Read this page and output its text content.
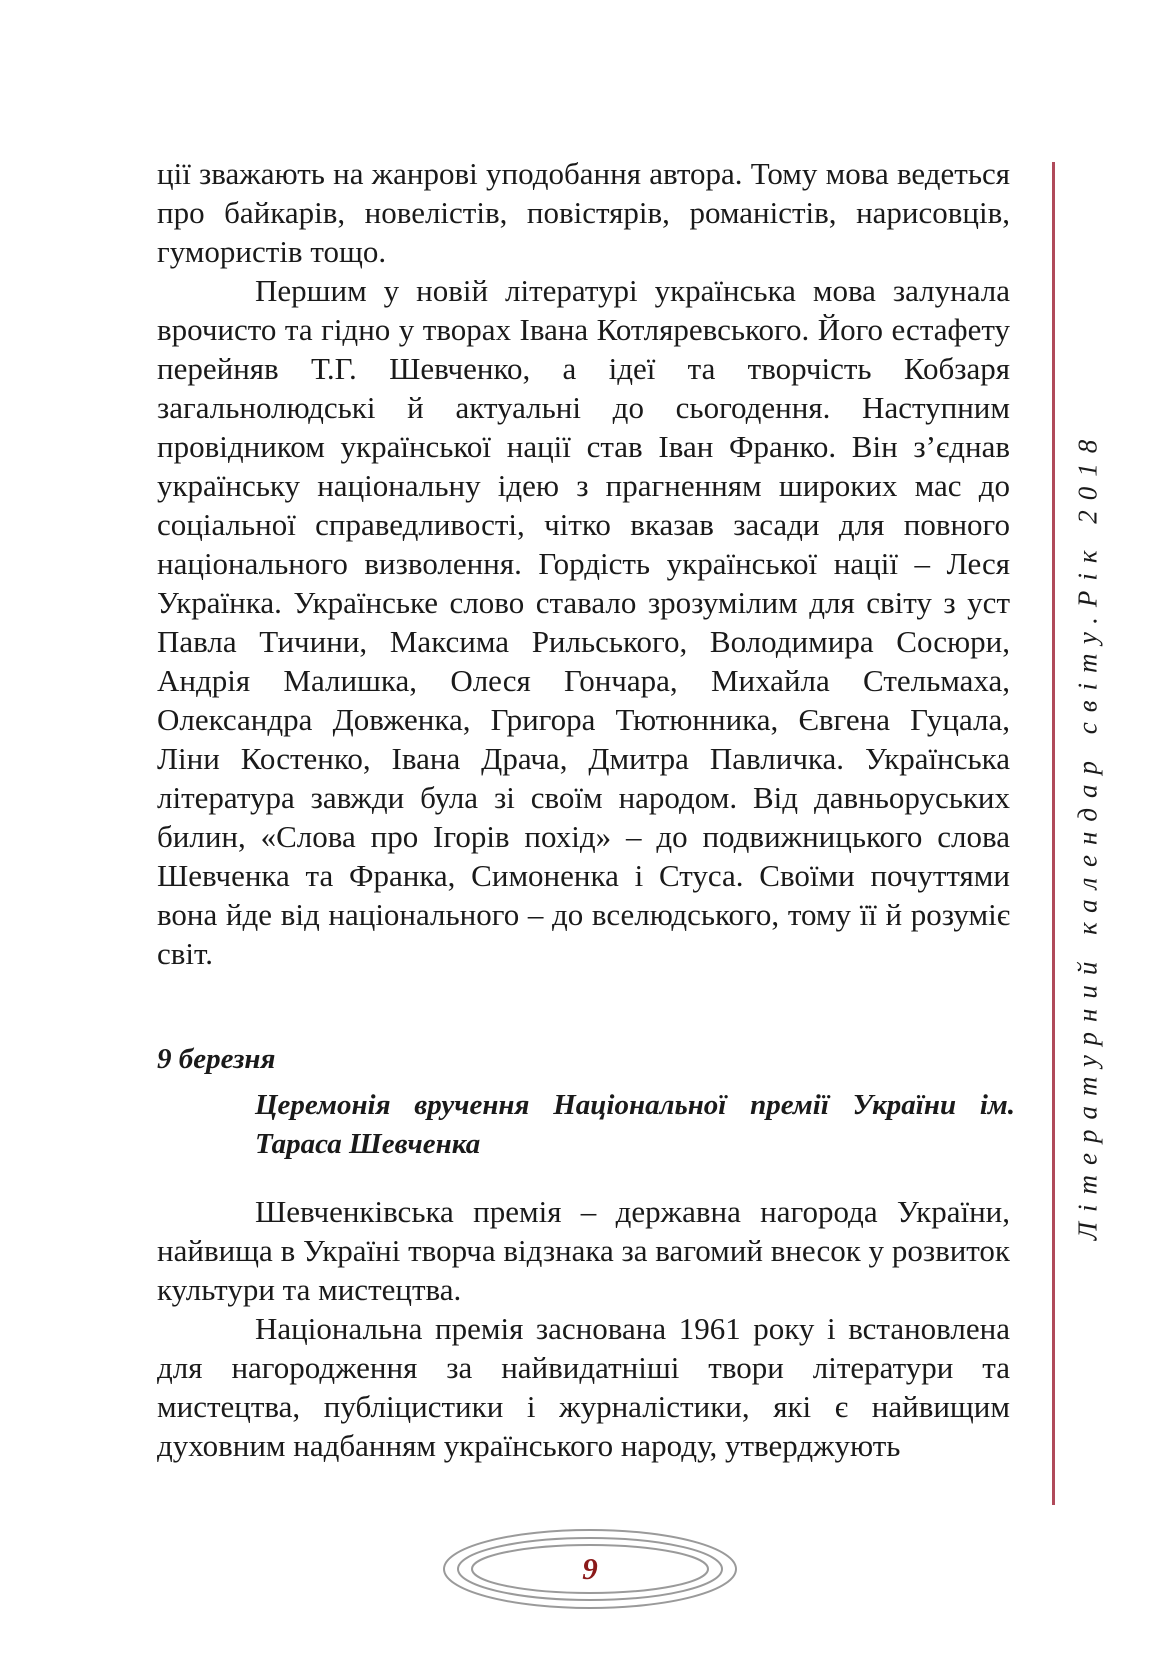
Літературний календар світу.Рік 2018

ції зважають на жанрові уподобання автора. Тому мова ведеться про байкарів, новелістів, повістярів, романістів, нарисовців, гумористів тощо.

Першим у новій літературі українська мова залунала врочисто та гідно у творах Івана Котляревського. Його естафету перейняв Т.Г. Шевченко, а ідеї та творчість Кобзаря загальнолюдські й актуальні до сьогодення. Наступним провідником української нації став Іван Франко. Він з’єднав українську національну ідею з прагненням широких мас до соціальної справедливості, чітко вказав засади для повного національного визволення. Гордість української нації – Леся Українка. Українське слово ставало зрозумілим для світу з уст Павла Тичини, Максима Рильського, Володимира Сосюри, Андрія Малишка, Олеся Гончара, Михайла Стельмаха, Олександра Довженка, Григора Тютюнника, Євгена Гуцала, Ліни Костенко, Івана Драча, Дмитра Павличка. Українська література завжди була зі своїм народом. Від давньоруських билин, «Слова про Ігорів похід» – до подвижницького слова Шевченка та Франка, Симоненка і Стуса. Своїми почуттями вона йде від національного – до вселюдського, тому її й розуміє світ.

9 березня

Церемонія вручення Національної премії України ім. Тараса Шевченка

Шевченківська премія – державна нагорода України, найвища в Україні творча відзнака за вагомий внесок у розвиток культури та мистецтва.

Національна премія заснована 1961 року і встановлена для нагородження за найвидатніші твори літератури та мистецтва, публіцистики і журналістики, які є найвищим духовним надбанням українського народу, утверджують

9
